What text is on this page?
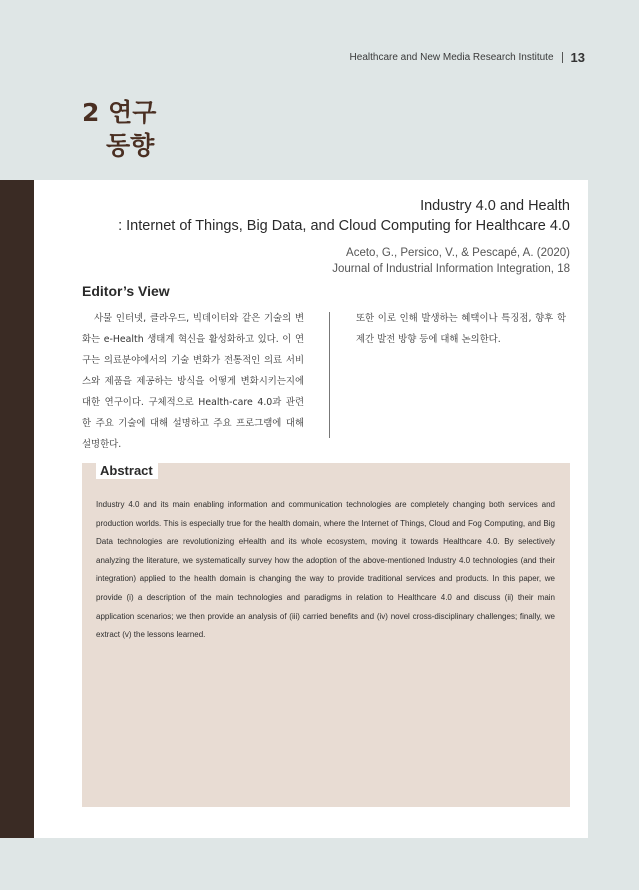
Healthcare and New Media Research Institute 13
2 연구
동향
Industry 4.0 and Health
: Internet of Things, Big Data, and Cloud Computing for Healthcare 4.0
Aceto, G., Persico, V., & Pescapé, A. (2020)
Journal of Industrial Information Integration, 18
Editor’s View
사물 인터넷, 클라우드, 빅데이터와 같은 기술의 변화는 e-Health 생태계 혁신을 활성화하고 있다. 이 연구는 의료분야에서의 기술 변화가 전통적인 의료 서비스와 제품을 제공하는 방식을 어떻게 변화시키는지에 대한 연구이다. 구체적으로 Health-care 4.0과 관련한 주요 기술에 대해 설명하고 주요 프로그램에 대해 설명한다.
또한 이로 인해 발생하는 혜택이나 특징점, 향후 학제간 발전 방향 등에 대해 논의한다.
Abstract
Industry 4.0 and its main enabling information and communication technologies are completely changing both services and production worlds. This is especially true for the health domain, where the Internet of Things, Cloud and Fog Computing, and Big Data technologies are revolutionizing eHealth and its whole ecosystem, moving it towards Healthcare 4.0. By selectively analyzing the literature, we systematically survey how the adoption of the above-mentioned Industry 4.0 technologies (and their integration) applied to the health domain is changing the way to provide traditional services and products. In this paper, we provide (i) a description of the main technologies and paradigms in relation to Healthcare 4.0 and discuss (ii) their main application scenarios; we then provide an analysis of (iii) carried benefits and (iv) novel cross-disciplinary challenges; finally, we extract (v) the lessons learned.
